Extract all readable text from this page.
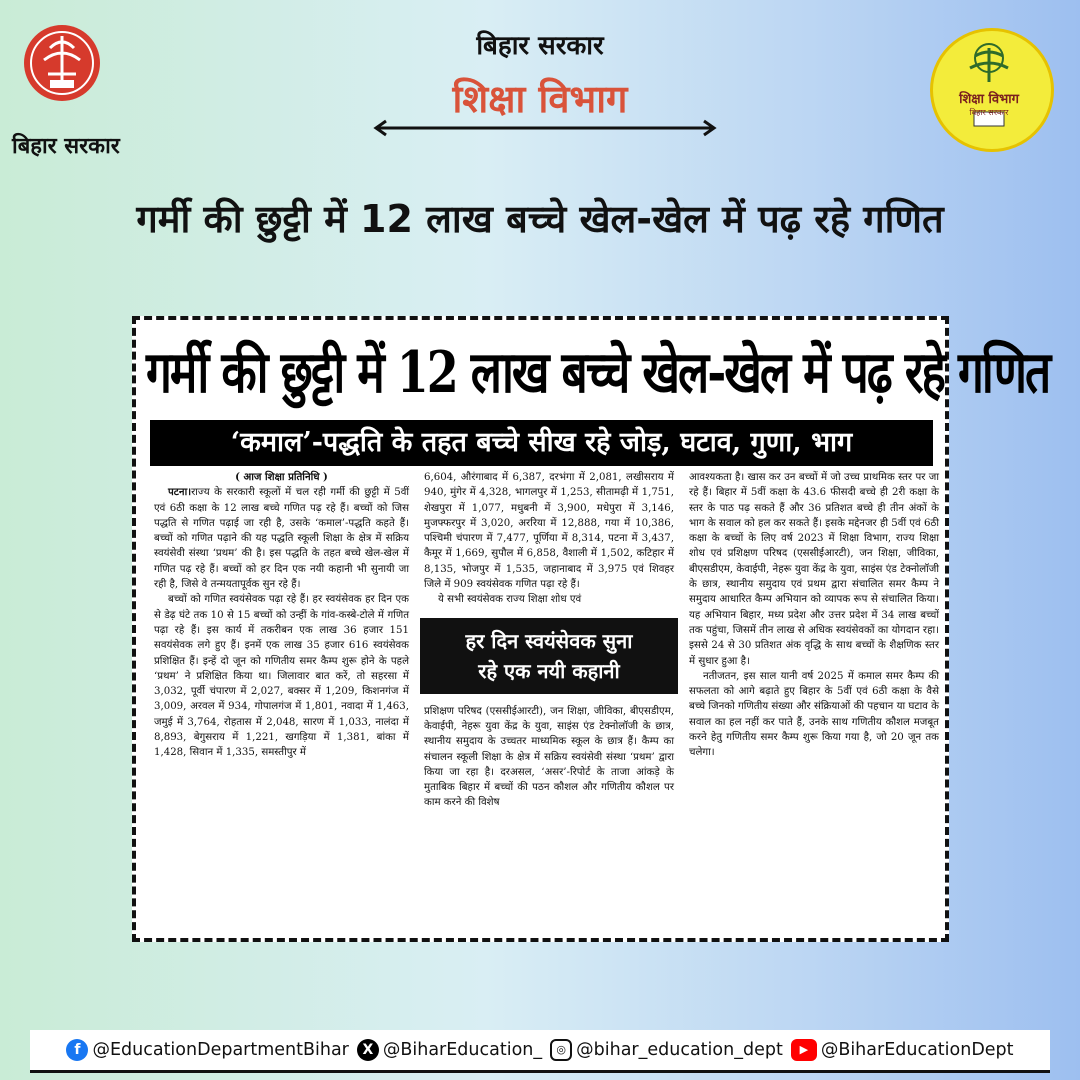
बिहार सरकार
बिहार सरकार
शिक्षा विभाग	शिक्षा विभाग
बिहार सरकार
गर्मी की छुट्टी में 12 लाख बच्चे खेल-खेल में पढ़ रहे गणित
गर्मी की छुट्टी में 12 लाख बच्चे खेल-खेल में पढ़ रहे गणित
‘कमाल’-पद्धति के तहत बच्चे सीख रहे जोड़, घटाव, गुणा, भाग
( आज शिक्षा प्रतिनिधि )

पटना।राज्य के सरकारी स्कूलों में चल रही गर्मी की छुट्टी में 5वीं एवं 6ठी कक्षा के 12 लाख बच्चे गणित पढ़ रहे हैं। बच्चों को जिस पद्धति से गणित पढ़ाई जा रही है, उसके ‘कमाल’-पद्धति कहते हैं। बच्चों को गणित पढ़ाने की यह पद्धति स्कूली शिक्षा के क्षेत्र में सक्रिय स्वयंसेवी संस्था ‘प्रथम’ की है। इस पद्धति के तहत बच्चे खेल-खेल में गणित पढ़ रहे हैं। बच्चों को हर दिन एक नयी कहानी भी सुनायी जा रही है, जिसे वे तन्मयतापूर्वक सुन रहे हैं।

बच्चों को गणित स्वयंसेवक पढ़ा रहे हैं। हर स्वयंसेवक हर दिन एक से डेढ़ घंटे तक 10 से 15 बच्चों को उन्हीं के गांव-कस्बे-टोले में गणित पढ़ा रहे हैं। इस कार्य में तकरीबन एक लाख 36 हजार 151 सवयंसेवक लगे हुए हैं। इनमें एक लाख 35 हजार 616 स्वयंसेवक प्रशिक्षित हैं। इन्हें दो जून को गणितीय समर कैम्प शुरू होने के पहले ‘प्रथम’ ने प्रशिक्षित किया था। जिलावार बात करें, तो सहरसा में 3,032, पूर्वी चंपारण में 2,027, बक्सर में 1,209, किशनगंज में 3,009, अरवल में 934, गोपालगंज में 1,801, नवादा में 1,463, जमुई में 3,764, रोहतास में 2,048, सारण में 1,033, नालंदा में 8,893, बेगुसराय में 1,221, खगड़िया में 1,381, बांका में 1,428, सिवान में 1,335, समस्तीपुर में

6,604, औरंगाबाद में 6,387, दरभंगा में 2,081, लखीसराय में 940, मुंगेर में 4,328, भागलपुर में 1,253, सीतामढ़ी में 1,751, शेखपुरा में 1,077, मधुबनी में 3,900, मधेपुरा में 3,146, मुजफ्फरपुर में 3,020, अररिया में 12,888, गया में 10,386, पश्चिमी चंपारण में 7,477, पूर्णिया में 8,314, पटना में 3,437, कैमूर में 1,669, सुपौल में 6,858, वैशाली में 1,502, कटिहार में 8,135, भोजपुर में 1,535, जहानाबाद में 3,975 एवं शिवहर जिले में 909 स्वयंसेवक गणित पढ़ा रहे हैं।

ये सभी स्वयंसेवक राज्य शिक्षा शोध एवं

हर दिन स्वयंसेवक सुना
रहे एक नयी कहानी

प्रशिक्षण परिषद (एससीईआरटी), जन शिक्षा, जीविका, बीएसडीएम, केवाईपी, नेहरू युवा केंद्र के युवा, साइंस एंड टेक्नोलॉजी के छात्र, स्थानीय समुदाय के उच्चतर माध्यमिक स्कूल के छात्र हैं। कैम्प का संचालन स्कूली शिक्षा के क्षेत्र में सक्रिय स्वयंसेवी संस्था ‘प्रथम’ द्वारा किया जा रहा है। दरअसल, ‘असर’-रिपोर्ट के ताजा आंकड़े के मुताबिक बिहार में बच्चों की पठन कौशल और गणितीय कौशल पर काम करने की विशेष

आवश्यकता है। खास कर उन बच्चों में जो उच्च प्राथमिक स्तर पर जा रहे हैं। बिहार में 5वीं कक्षा के 43.6 फीसदी बच्चे ही 2री कक्षा के स्तर के पाठ पढ़ सकते हैं और 36 प्रतिशत बच्चे ही तीन अंकों के भाग के सवाल को हल कर सकते हैं। इसके मद्देनजर ही 5वीं एवं 6ठी कक्षा के बच्चों के लिए वर्ष 2023 में शिक्षा विभाग, राज्य शिक्षा शोध एवं प्रशिक्षण परिषद (एससीईआरटी), जन शिक्षा, जीविका, बीएसडीएम, केवाईपी, नेहरू युवा केंद्र के युवा, साइंस एंड टेक्नोलॉजी के छात्र, स्थानीय समुदाय एवं प्रथम द्वारा संचालित समर कैम्प ने समुदाय आधारित कैम्प अभियान को व्यापक रूप से संचालित किया। यह अभियान बिहार, मध्य प्रदेश और उत्तर प्रदेश में 34 लाख बच्चों तक पहुंचा, जिसमें तीन लाख से अधिक स्वयंसेवकों का योगदान रहा। इससे 24 से 30 प्रतिशत अंक वृद्धि के साथ बच्चों के शैक्षणिक स्तर में सुधार हुआ है।

नतीजतन, इस साल यानी वर्ष 2025 में कमाल समर कैम्प की सफलता को आगे बढ़ाते हुए बिहार के 5वीं एवं 6ठी कक्षा के वैसे बच्चे जिनको गणितीय संख्या और संक्रियाओं की पहचान या घटाव के सवाल का हल नहीं कर पाते हैं, उनके साथ गणितीय कौशल मजबूत करने हेतु गणितीय समर कैम्प शुरू किया गया है, जो 20 जून तक चलेगा।

f @EducationDepartmentBihar X @BiharEducation_	◎ @bihar_education_dept	▶ @BiharEducationDept
